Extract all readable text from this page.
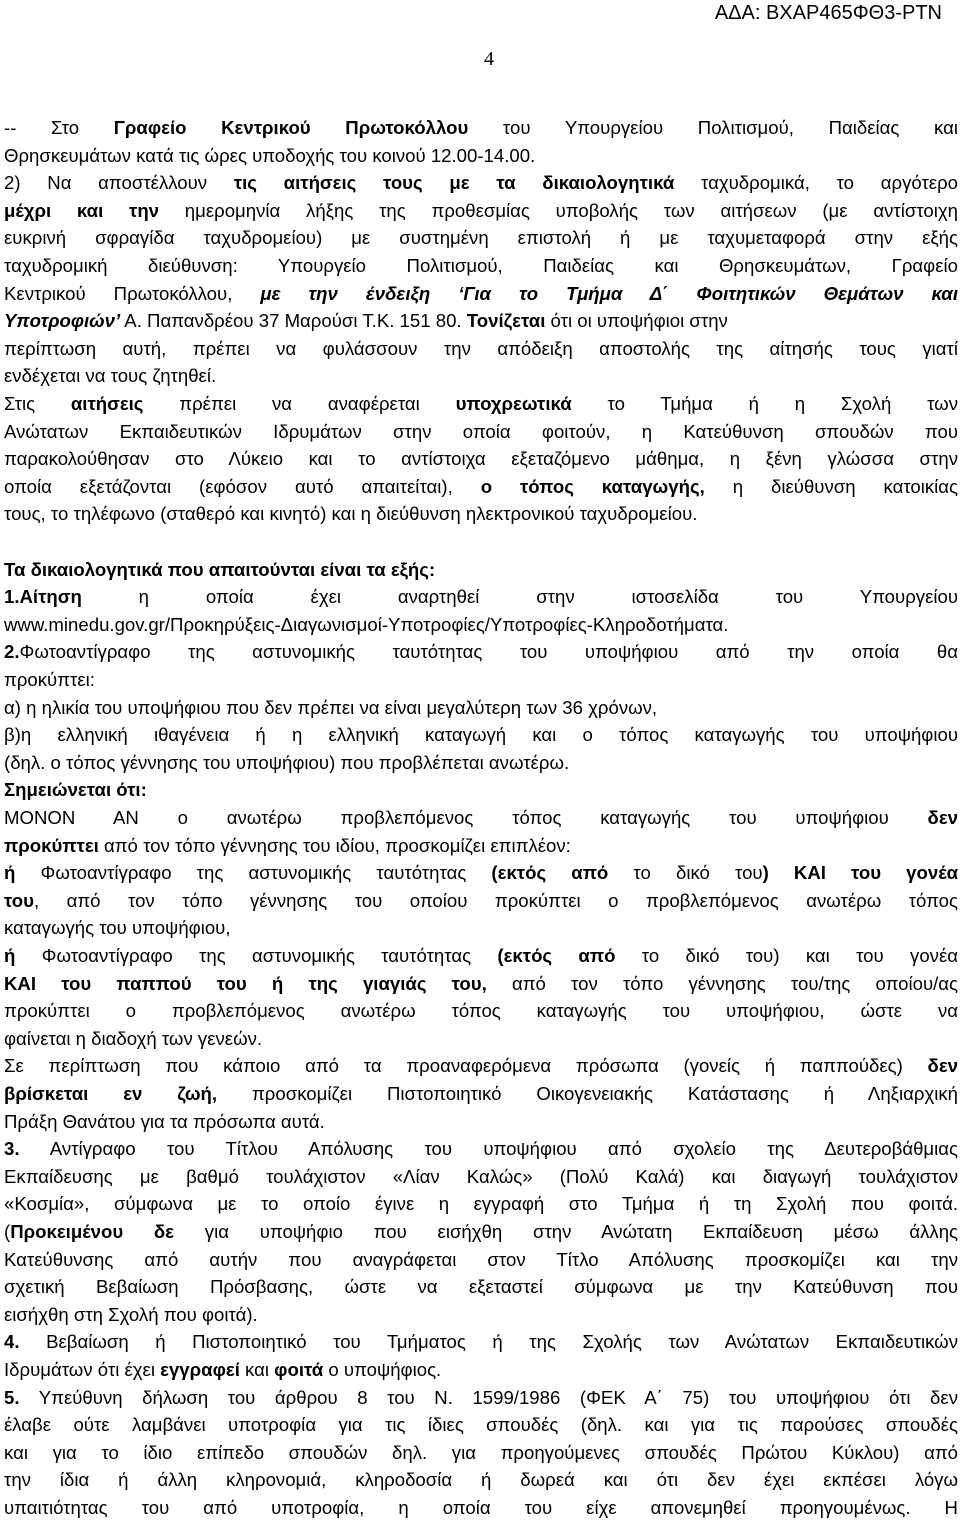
ΑΔΑ: ΒΧΑΡ465ΦΘ3-ΡΤΝ
4
-- Στο Γραφείο Κεντρικού Πρωτοκόλλου του Υπουργείου Πολιτισμού, Παιδείας και
Θρησκευμάτων κατά τις ώρες υποδοχής του κοινού 12.00-14.00.
2) Να αποστέλλουν τις αιτήσεις τους με τα δικαιολογητικά ταχυδρομικά, το αργότερο
μέχρι και την ημερομηνία λήξης της προθεσμίας υποβολής των αιτήσεων (με αντίστοιχη
ευκρινή σφραγίδα ταχυδρομείου) με συστημένη επιστολή ή με ταχυμεταφορά στην εξής
ταχυδρομική διεύθυνση: Υπουργείο Πολιτισμού, Παιδείας και Θρησκευμάτων, Γραφείο
Κεντρικού Πρωτοκόλλου, με την ένδειξη ‘Για το Τμήμα Δ΄ Φοιτητικών Θεμάτων και
Υποτροφιών’ Α. Παπανδρέου 37 Μαρούσι Τ.Κ. 151 80. Τονίζεται ότι οι υποψήφιοι στην
περίπτωση αυτή, πρέπει να φυλάσσουν την απόδειξη αποστολής της αίτησής τους γιατί
ενδέχεται να τους ζητηθεί.
Στις αιτήσεις πρέπει να αναφέρεται υποχρεωτικά το Τμήμα ή η Σχολή των
Ανώτατων Εκπαιδευτικών Ιδρυμάτων στην οποία φοιτούν, η Κατεύθυνση σπουδών που
παρακολούθησαν στο Λύκειο και το αντίστοιχα εξεταζόμενο μάθημα, η ξένη γλώσσα στην
οποία εξετάζονται (εφόσον αυτό απαιτείται), ο τόπος καταγωγής, η διεύθυνση κατοικίας
τους, το τηλέφωνο (σταθερό και κινητό) και η διεύθυνση ηλεκτρονικού ταχυδρομείου.
Τα δικαιολογητικά που απαιτούνται είναι τα εξής:
1.Αίτηση η οποία έχει αναρτηθεί στην ιστοσελίδα του Υπουργείου
www.minedu.gov.gr/Προκηρύξεις-Διαγωνισμοί-Υποτροφίες/Υποτροφίες-Κληροδοτήματα.
2.Φωτοαντίγραφο της αστυνομικής ταυτότητας του υποψήφιου από την οποία θα
προκύπτει:
α) η ηλικία του υποψήφιου που δεν πρέπει να είναι μεγαλύτερη των 36 χρόνων,
β)η ελληνική ιθαγένεια ή η ελληνική καταγωγή και ο τόπος καταγωγής του υποψήφιου
(δηλ. ο τόπος γέννησης του υποψήφιου) που προβλέπεται ανωτέρω.
Σημειώνεται ότι:
ΜΟΝΟΝ ΑΝ ο ανωτέρω προβλεπόμενος τόπος καταγωγής του υποψήφιου δεν
προκύπτει από τον τόπο γέννησης του ιδίου, προσκομίζει επιπλέον:
ή Φωτοαντίγραφο της αστυνομικής ταυτότητας (εκτός από το δικό του) ΚΑΙ του γονέα
του, από τον τόπο γέννησης του οποίου προκύπτει ο προβλεπόμενος ανωτέρω τόπος
καταγωγής του υποψήφιου,
ή Φωτοαντίγραφο της αστυνομικής ταυτότητας (εκτός από το δικό του) και του γονέα
ΚΑΙ του παππού του ή της γιαγιάς του, από τον τόπο γέννησης του/της οποίου/ας
προκύπτει ο προβλεπόμενος ανωτέρω τόπος καταγωγής του υποψήφιου, ώστε να
φαίνεται η διαδοχή των γενεών.
Σε περίπτωση που κάποιο από τα προαναφερόμενα πρόσωπα (γονείς ή παππούδες) δεν
βρίσκεται εν ζωή, προσκομίζει Πιστοποιητικό Οικογενειακής Κατάστασης ή Ληξιαρχική
Πράξη Θανάτου για τα πρόσωπα αυτά.
3. Αντίγραφο του Τίτλου Απόλυσης του υποψήφιου από σχολείο της Δευτεροβάθμιας
Εκπαίδευσης με βαθμό τουλάχιστον «Λίαν Καλώς» (Πολύ Καλά) και διαγωγή τουλάχιστον
«Κοσμία», σύμφωνα με το οποίο έγινε η εγγραφή στο Τμήμα ή τη Σχολή που φοιτά.
(Προκειμένου δε για υποψήφιο που εισήχθη στην Ανώτατη Εκπαίδευση μέσω άλλης
Κατεύθυνσης από αυτήν που αναγράφεται στον Τίτλο Απόλυσης προσκομίζει και την
σχετική Βεβαίωση Πρόσβασης, ώστε να εξεταστεί σύμφωνα με την Κατεύθυνση που
εισήχθη στη Σχολή που φοιτά).
4. Βεβαίωση ή Πιστοποιητικό του Τμήματος ή της Σχολής των Ανώτατων Εκπαιδευτικών
Ιδρυμάτων ότι έχει εγγραφεί και φοιτά ο υποψήφιος.
5. Υπεύθυνη δήλωση του άρθρου 8 του Ν. 1599/1986 (ΦΕΚ Α΄ 75) του υποψήφιου ότι δεν
έλαβε ούτε λαμβάνει υποτροφία για τις ίδιες σπουδές (δηλ. και για τις παρούσες σπουδές
και για το ίδιο επίπεδο σπουδών δηλ. για προηγούμενες σπουδές Πρώτου Κύκλου) από
την ίδια ή άλλη κληρονομιά, κληροδοσία ή δωρεά και ότι δεν έχει εκπέσει λόγω
υπαιτιότητας του από υποτροφία, η οποία του είχε απονεμηθεί προηγουμένως. Η
